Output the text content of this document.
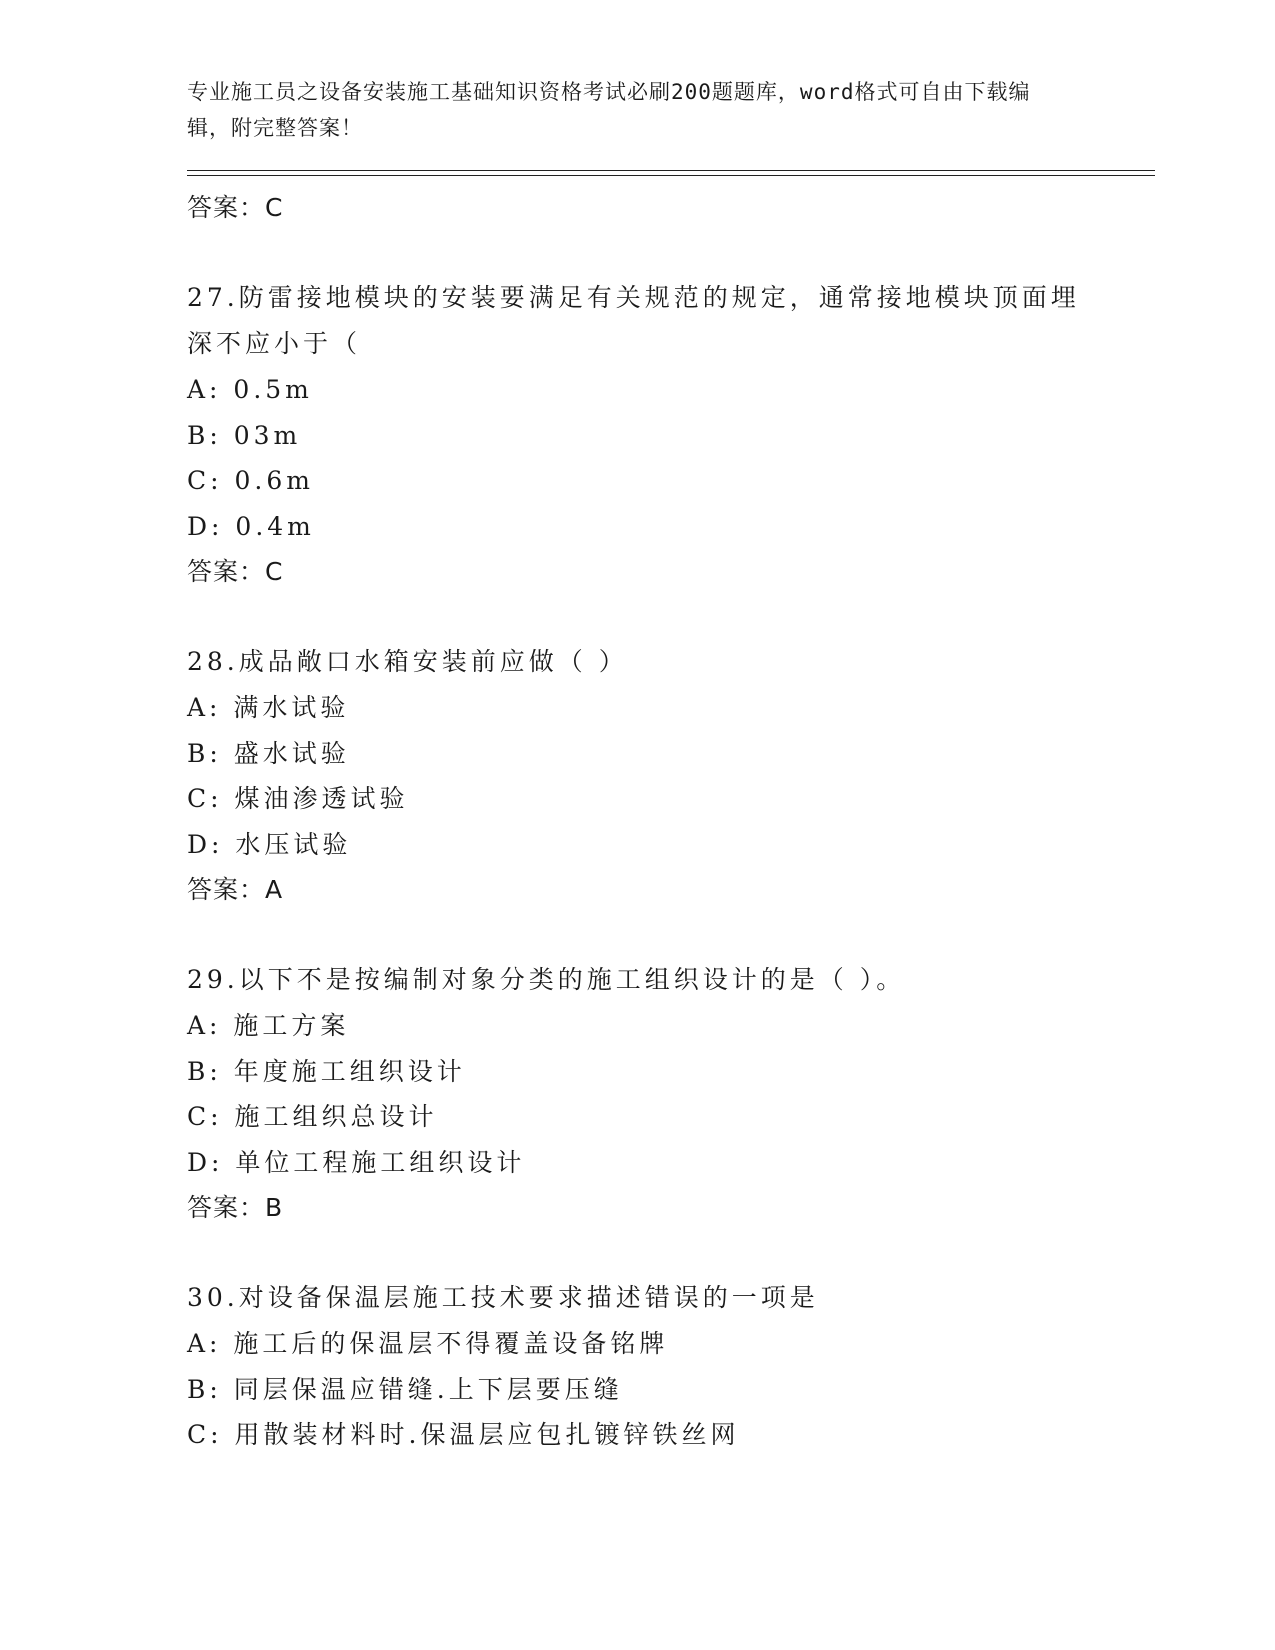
专业施工员之设备安装施工基础知识资格考试必刷200题题库，word格式可自由下载编辑，附完整答案！
答案：C
27.防雷接地模块的安装要满足有关规范的规定，通常接地模块顶面埋深不应小于（
A: 0.5m
B: 03m
C: 0.6m
D: 0.4m
答案：C
28.成品敞口水箱安装前应做（ ）
A: 满水试验
B: 盛水试验
C: 煤油渗透试验
D: 水压试验
答案：A
29.以下不是按编制对象分类的施工组织设计的是（ ）。
A: 施工方案
B: 年度施工组织设计
C: 施工组织总设计
D: 单位工程施工组织设计
答案：B
30.对设备保温层施工技术要求描述错误的一项是
A: 施工后的保温层不得覆盖设备铭牌
B: 同层保温应错缝.上下层要压缝
C: 用散装材料时.保温层应包扎镀锌铁丝网
